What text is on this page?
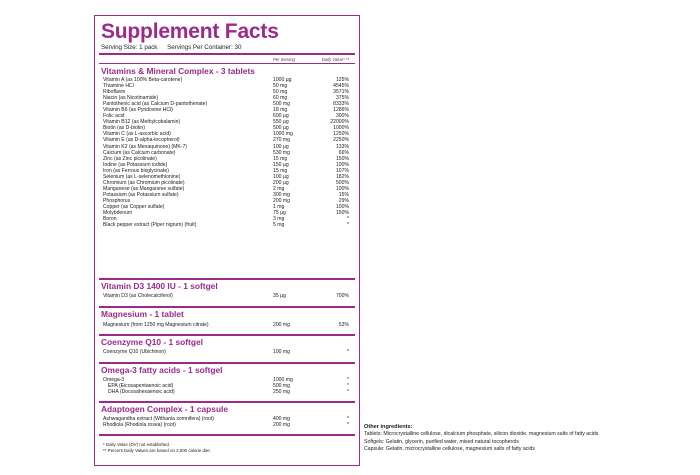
Supplement Facts
Serving Size: 1 pack Servings Per Container: 30
Per Serving	Daily Value* **
Vitamins & Mineral Complex - 3 tablets
Vitamin A (as 100% Beta-carotene)	1000 µg	125%
Thiamine HCl	50 mg	4545%
Riboflavin	50 mg	3571%
Niacin (as Nicotinamide)	60 mg	375%
Pantothenic acid (as Calcium D-pantothenate)	500 mg	8333%
Vitamin B6 (as Pyridoxine HCl)	18 mg	1286%
Folic acid	600 µg	300%
Vitamin B12 (as Methylcobalamin)	550 µg	22000%
Biotin (as D-biotin)	500 µg	1000%
Vitamin C (as L-ascorbic acid)	1000 mg	1250%
Vitamin E (as D-alpha-tocopherol)	270 mg	2250%
Vitamin K2 (as Menaquinone) (MK-7)	100 µg	133%
Calcium (as Calcium carbonate)	530 mg	66%
Zinc (as Zinc picolinate)	15 mg	150%
Iodine (as Potassium iodide)	150 µg	100%
Iron (as Ferrous bisglycinate)	15 mg	107%
Selenium (as L-selenomethionine)	100 µg	182%
Chromium (as Chromium picolinate)	200 µg	500%
Manganese (as Manganese sulfate)	2 mg	100%
Potassium (as Potassium sulfate)	300 mg	15%
Phosphorus	200 mg	29%
Copper (as Copper sulfate)	1 mg	100%
Molybdenum	75 µg	150%
Boron	3 mg	*
Black pepper extract (Piper nigrum) (fruit)	5 mg	*
Vitamin D3 1400 IU - 1 softgel
Vitamin D3 (as Cholecalciferol)	35 µg	700%
Magnesium - 1 tablet
Magnesium (from 1250 mg Magnesium citrate)	200 mg	53%
Coenzyme Q10 - 1 softgel
Coenzyme Q10 (Ubichinon)	100 mg	*
Omega-3 fatty acids - 1 softgel
Omega-3	1000 mg	*
EPA (Eicosapentaenoic acid)	500 mg	*
DHA (Docosahexaenoic acid)	250 mg	*
Adaptogen Complex - 1 capsule
Ashwagandha extract (Withania somnifera) (root)	400 mg	*
Rhodiola (Rhodiola rosea) (root)	200 mg	*
* Daily Value (DV) not established.
** Percent Daily Values are based on 2,000 calorie diet.
Other ingredients:
Tablets: Microcrystalline cellulose, dicalcium phosphate, silicon dioxide, magnesium salts of fatty acids
Softgels: Gelatin, glycerin, purified water, mixed natural tocopherols
Capsule: Gelatin, microcrystalline cellulose, magnesium salts of fatty acids
